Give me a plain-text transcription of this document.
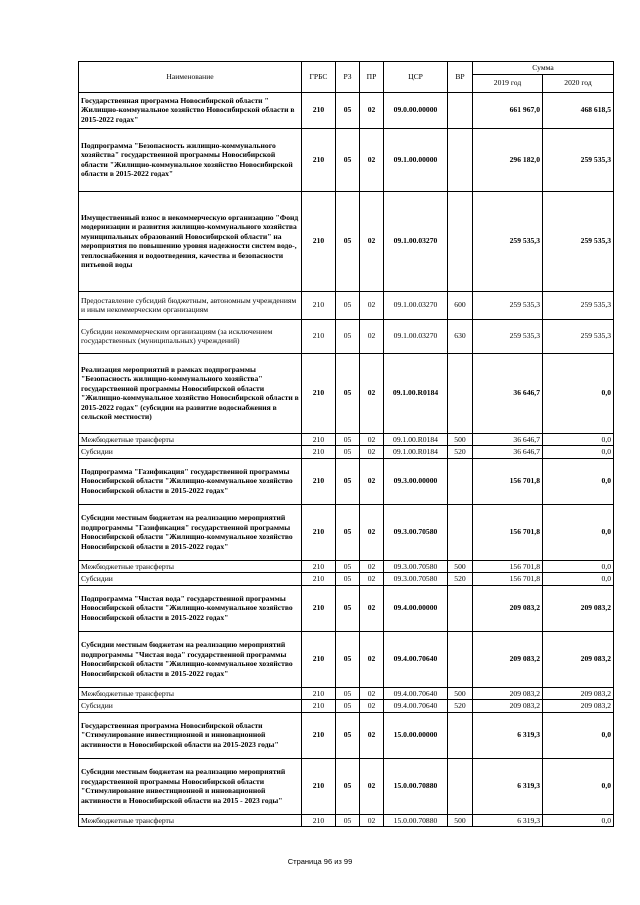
Наименование	ГРБС	РЗ	ПР	ЦСР	ВР	Сумма	
						2019 год	2020 год
Государственная программа Новосибирской области " Жилищно-коммунальное хозяйство Новосибирской области в 2015-2022 годах"	210	05	02	09.0.00.00000		661 967,0	468 618,5
Подпрограмма "Безопасность жилищно-коммунального хозяйства" государственной программы Новосибирской области "Жилищно-коммунальное хозяйство Новосибирской области в 2015-2022 годах"	210	05	02	09.1.00.00000		296 182,0	259 535,3
Имущественный взнос в некоммерческую организацию "Фонд модернизации и развития жилищно-коммунального хозяйства муниципальных образований Новосибирской области" на мероприятия по повышению уровня надежности систем водо-, теплоснабжения и водоотведения, качества и безопасности питьевой воды	210	05	02	09.1.00.03270		259 535,3	259 535,3
Предоставление субсидий бюджетным, автономным учреждениям и иным некоммерческим организациям	210	05	02	09.1.00.03270	600	259 535,3	259 535,3
Субсидии некоммерческим организациям (за исключением государственных (муниципальных) учреждений)	210	05	02	09.1.00.03270	630	259 535,3	259 535,3
Реализация мероприятий в рамках подпрограммы "Безопасность жилищно-коммунального хозяйства" государственной программы Новосибирской области "Жилищно-коммунальное хозяйство Новосибирской области в 2015-2022 годах" (субсидии на развитие водоснабжения в сельской местности)	210	05	02	09.1.00.R0184		36 646,7	0,0
Межбюджетные трансферты	210	05	02	09.1.00.R0184	500	36 646,7	0,0
Субсидии	210	05	02	09.1.00.R0184	520	36 646,7	0,0
Подпрограмма "Газификация" государственной программы Новосибирской области "Жилищно-коммунальное хозяйство Новосибирской области в 2015-2022 годах"	210	05	02	09.3.00.00000		156 701,8	0,0
Субсидии местным бюджетам на реализацию мероприятий подпрограммы "Газификация" государственной программы Новосибирской области "Жилищно-коммунальное хозяйство Новосибирской области в 2015-2022 годах"	210	05	02	09.3.00.70580		156 701,8	0,0
Межбюджетные трансферты	210	05	02	09.3.00.70580	500	156 701,8	0,0
Субсидии	210	05	02	09.3.00.70580	520	156 701,8	0,0
Подпрограмма "Чистая вода" государственной программы Новосибирской области "Жилищно-коммунальное хозяйство Новосибирской области в 2015-2022 годах"	210	05	02	09.4.00.00000		209 083,2	209 083,2
Субсидии местным бюджетам на реализацию мероприятий подпрограммы "Чистая вода" государственной программы Новосибирской области "Жилищно-коммунальное хозяйство Новосибирской области в 2015-2022 годах"	210	05	02	09.4.00.70640		209 083,2	209 083,2
Межбюджетные трансферты	210	05	02	09.4.00.70640	500	209 083,2	209 083,2
Субсидии	210	05	02	09.4.00.70640	520	209 083,2	209 083,2
Государственная программа Новосибирской области "Стимулирование инвестиционной и инновационной активности в Новосибирской области на 2015-2023 годы"	210	05	02	15.0.00.00000		6 319,3	0,0
Субсидии местным бюджетам на реализацию мероприятий государственной программы Новосибирской области "Стимулирование инвестиционной и инновационной активности в Новосибирской области на 2015 - 2023 годы"	210	05	02	15.0.00.70880		6 319,3	0,0
Межбюджетные трансферты	210	05	02	15.0.00.70880	500	6 319,3	0,0
Страница 96 из 99
